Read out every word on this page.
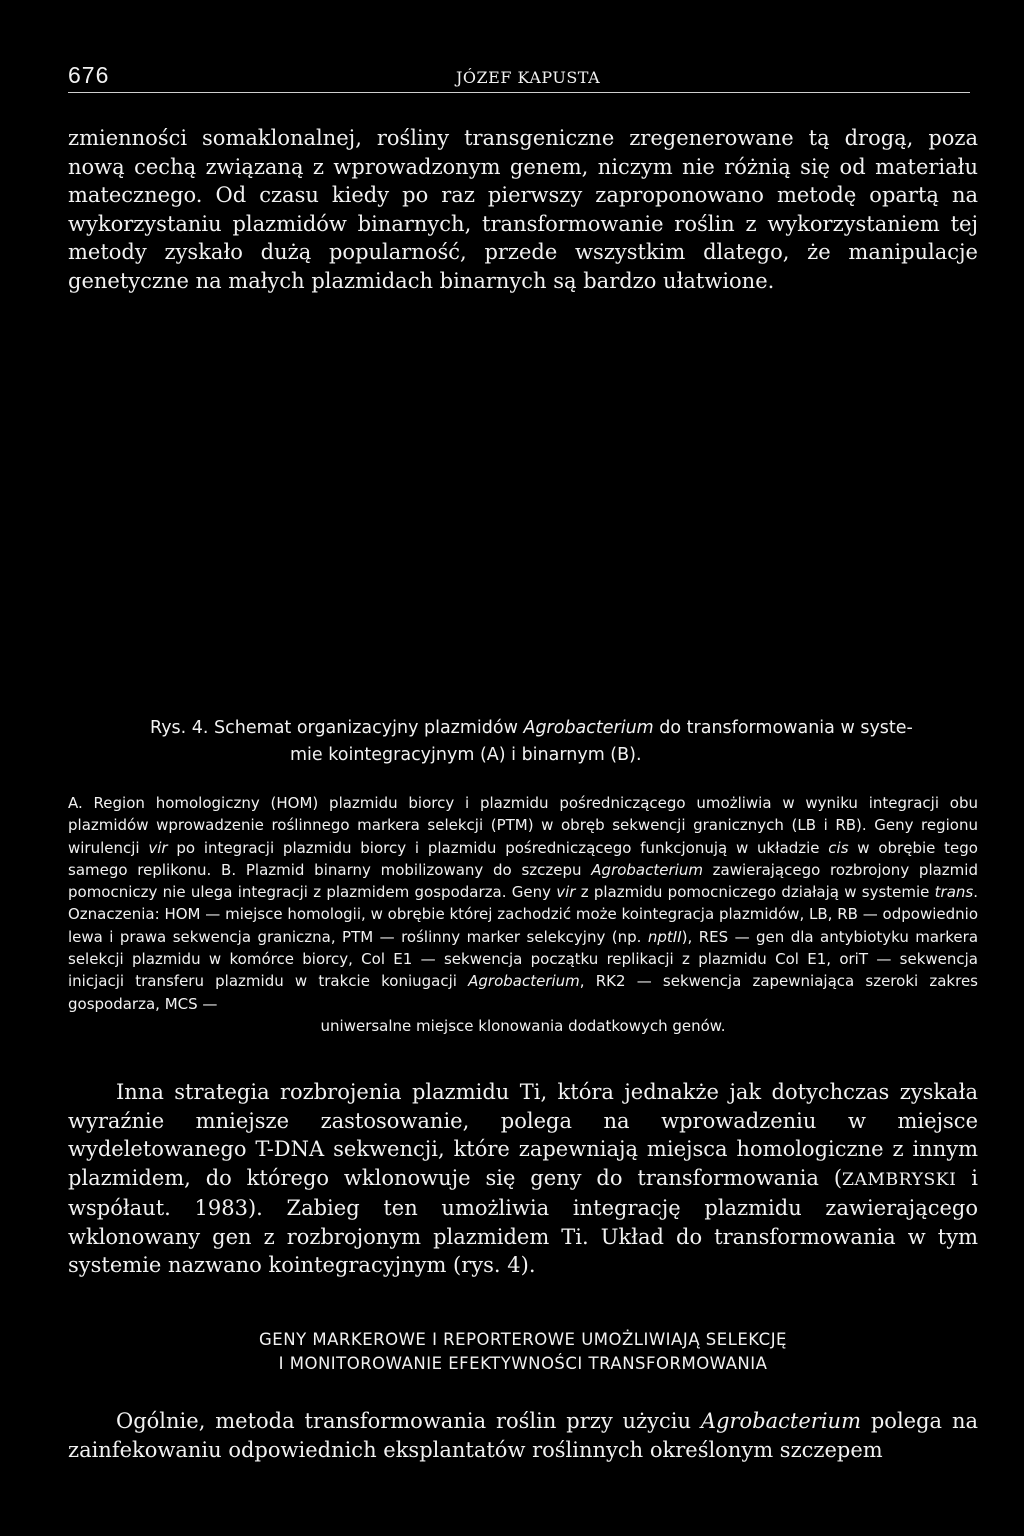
676	JÓZEF KAPUSTA

zmienności somaklonalnej, rośliny transgeniczne zregenerowane tą drogą, poza nową cechą związaną z wprowadzonym genem, niczym nie różnią się od materiału matecznego. Od czasu kiedy po raz pierwszy zaproponowano metodę opartą na wykorzystaniu plazmidów binarnych, transformowanie roślin z wykorzystaniem tej metody zyskało dużą popularność, przede wszystkim dlatego, że manipulacje genetyczne na małych plazmidach binarnych są bardzo ułatwione.

Rys. 4. Schemat organizacyjny plazmidów Agrobacterium do transformowania w syste-
mie kointegracyjnym (A) i binarnym (B).

A. Region homologiczny (HOM) plazmidu biorcy i plazmidu pośredniczącego umożliwia w wyniku integracji obu plazmidów wprowadzenie roślinnego markera selekcji (PTM) w obręb sekwencji granicznych (LB i RB). Geny regionu wirulencji vir po integracji plazmidu biorcy i plazmidu pośredniczącego funkcjonują w układzie cis w obrębie tego samego replikonu. B. Plazmid binarny mobilizowany do szczepu Agrobacterium zawierającego rozbrojony plazmid pomocniczy nie ulega integracji z plazmidem gospodarza. Geny vir z plazmidu pomocniczego działają w systemie trans. Oznaczenia: HOM — miejsce homologii, w obrębie której zachodzić może kointegracja plazmidów, LB, RB — odpowiednio lewa i prawa sekwencja graniczna, PTM — roślinny marker selekcyjny (np. nptII), RES — gen dla antybiotyku markera selekcji plazmidu w komórce biorcy, Col E1 — sekwencja początku replikacji z plazmidu Col E1, oriT — sekwencja inicjacji transferu plazmidu w trakcie koniugacji Agrobacterium, RK2 — sekwencja zapewniająca szeroki zakres gospodarza, MCS —
uniwersalne miejsce klonowania dodatkowych genów.

Inna strategia rozbrojenia plazmidu Ti, która jednakże jak dotychczas zyskała wyraźnie mniejsze zastosowanie, polega na wprowadzeniu w miejsce wydeletowanego T-DNA sekwencji, które zapewniają miejsca homologiczne z innym plazmidem, do którego wklonowuje się geny do transformowania (ZAMBRYSKI i współaut. 1983). Zabieg ten umożliwia integrację plazmidu zawierającego wklonowany gen z rozbrojonym plazmidem Ti. Układ do transformowania w tym systemie nazwano kointegracyjnym (rys. 4).

GENY MARKEROWE I REPORTEROWE UMOŻLIWIAJĄ SELEKCJĘ
I MONITOROWANIE EFEKTYWNOŚCI TRANSFORMOWANIA

Ogólnie, metoda transformowania roślin przy użyciu Agrobacterium polega na zainfekowaniu odpowiednich eksplantatów roślinnych określonym szczepem
